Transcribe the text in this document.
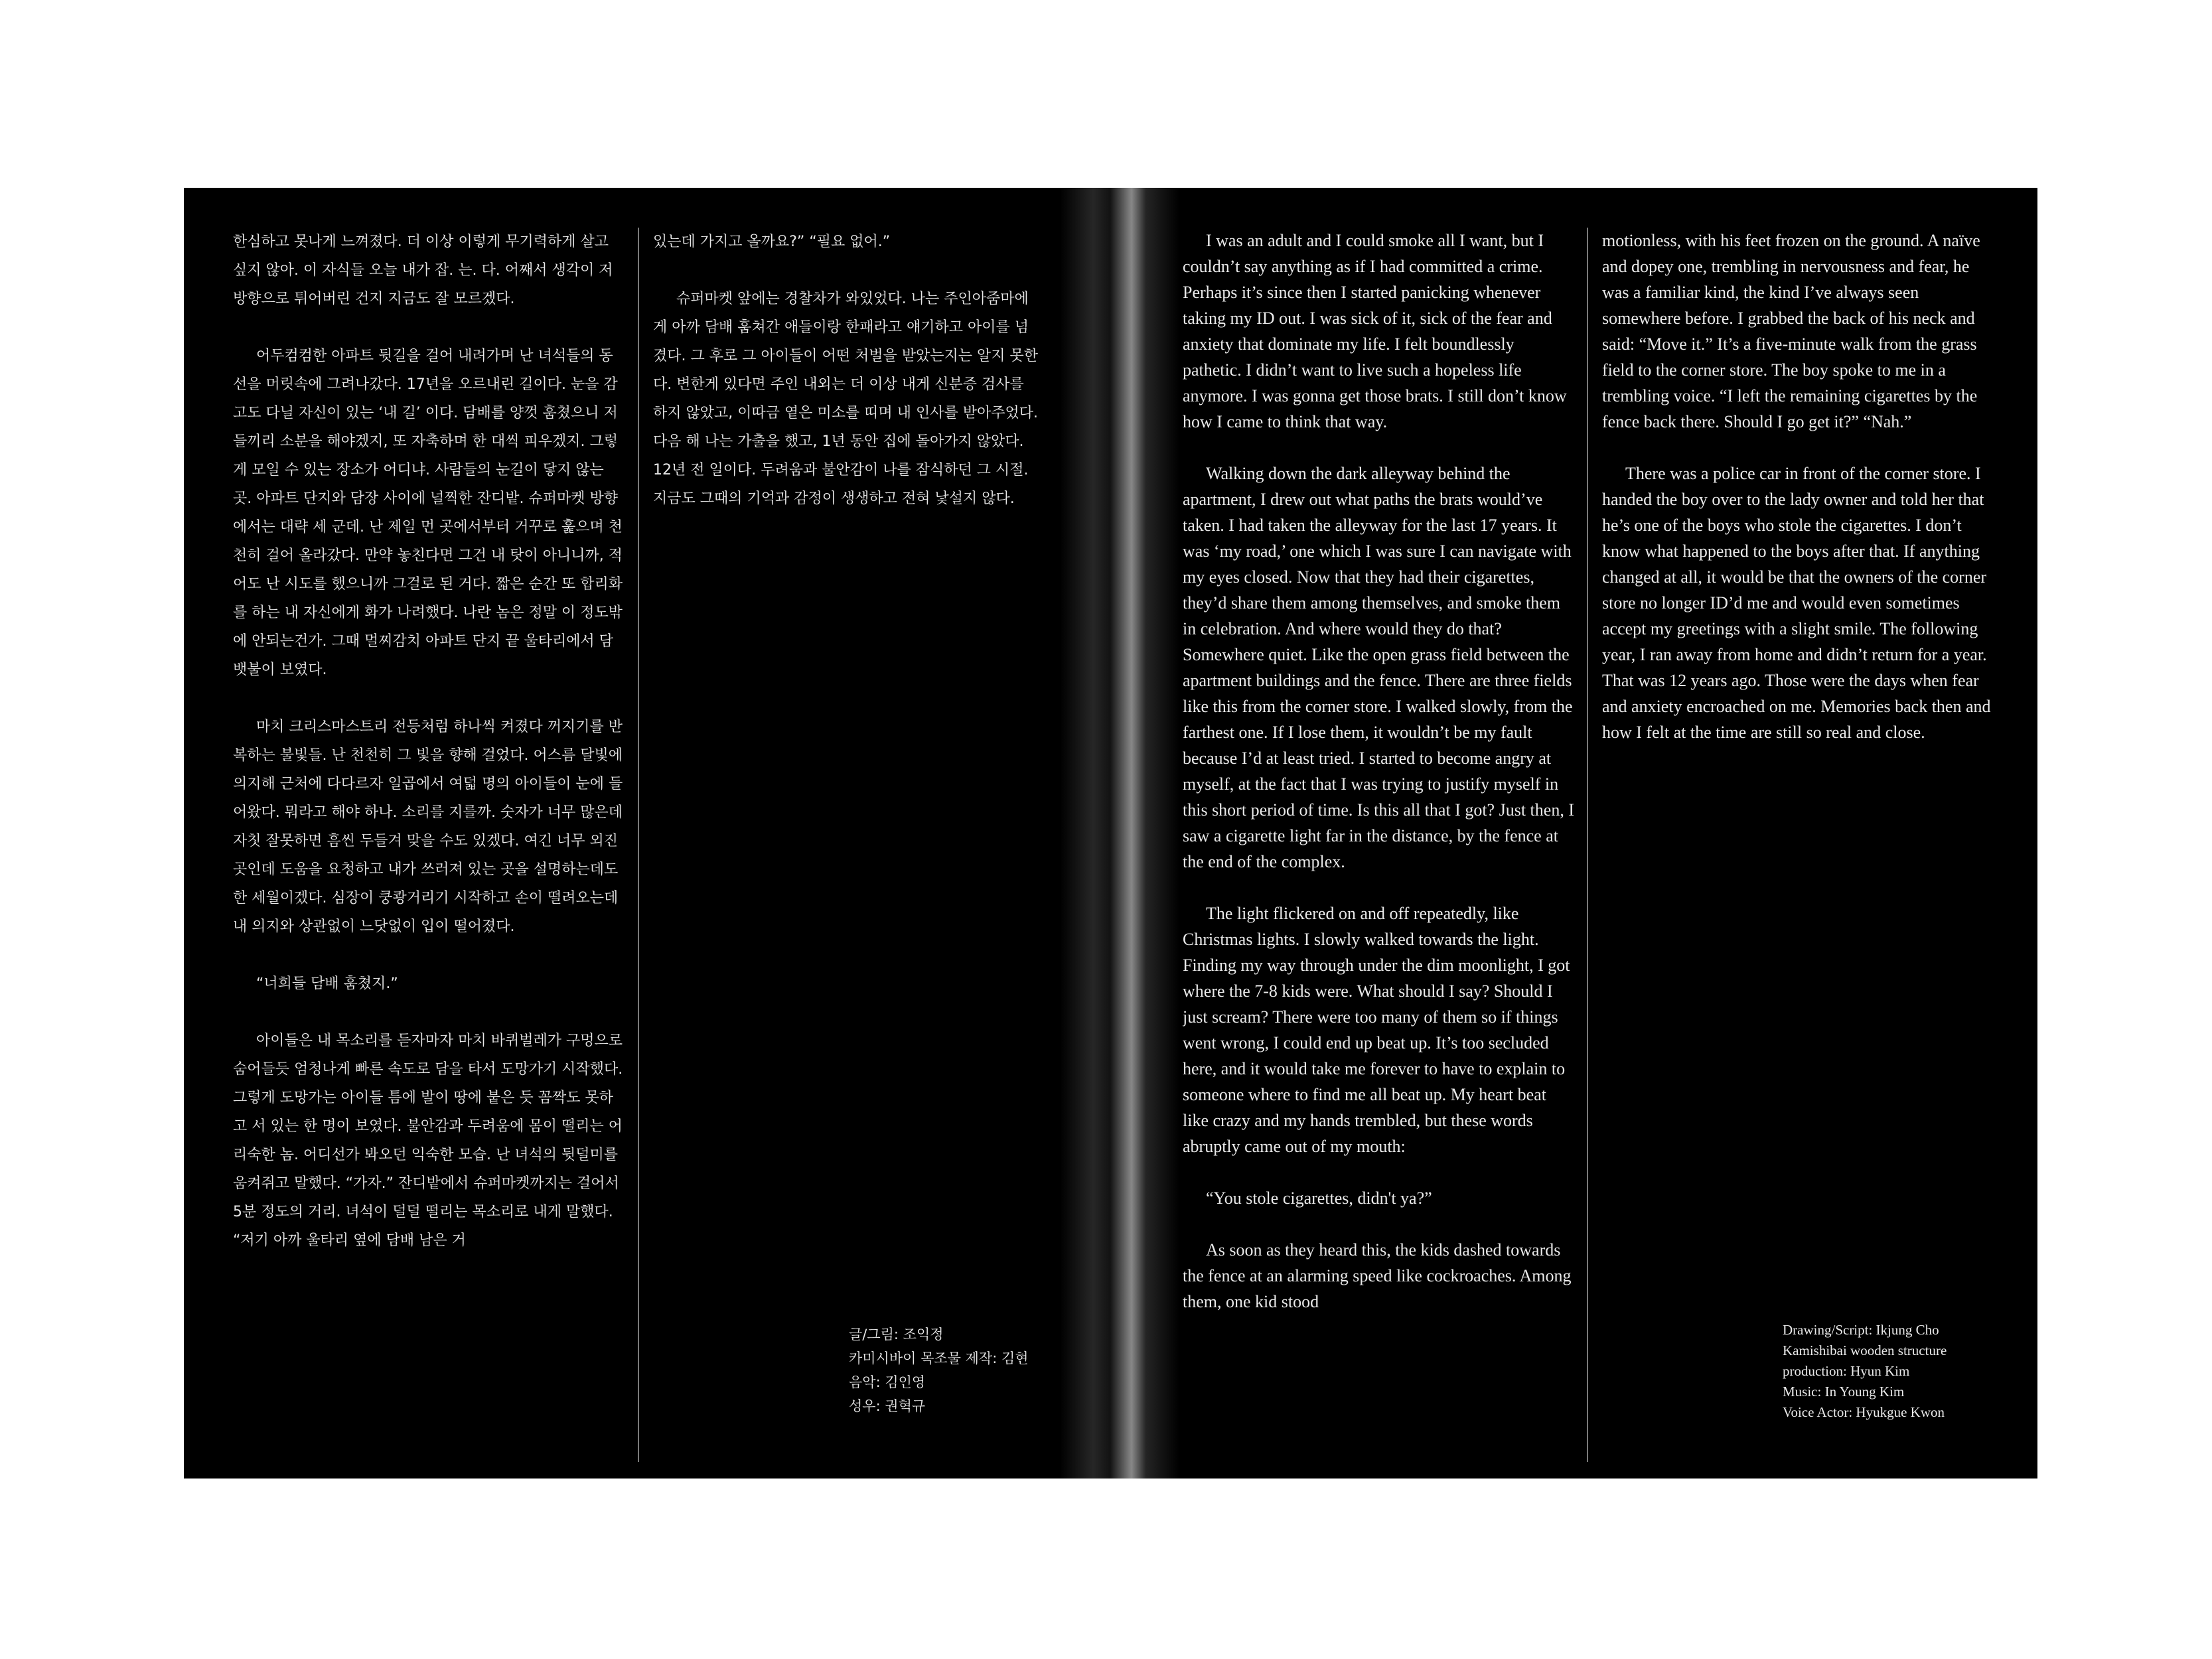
한심하고 못나게 느껴졌다. 더 이상 이렇게 무기력하게 살고 싶지 않아. 이 자식들 오늘 내가 잡. 는. 다. 어째서 생각이 저 방향으로 튀어버린 건지 지금도 잘 모르겠다.

어두컴컴한 아파트 뒷길을 걸어 내려가며 난 녀석들의 동선을 머릿속에 그려나갔다. 17년을 오르내린 길이다. 눈을 감고도 다닐 자신이 있는 ‘내 길’ 이다. 담배를 양껏 훔쳤으니 저들끼리 소분을 해야겠지, 또 자축하며 한 대씩 피우겠지. 그렇게 모일 수 있는 장소가 어디냐. 사람들의 눈길이 닿지 않는 곳. 아파트 단지와 담장 사이에 널찍한 잔디밭. 슈퍼마켓 방향에서는 대략 세 군데. 난 제일 먼 곳에서부터 거꾸로 훑으며 천천히 걸어 올라갔다. 만약 놓친다면 그건 내 탓이 아니니까, 적어도 난 시도를 했으니까 그걸로 된 거다. 짧은 순간 또 합리화를 하는 내 자신에게 화가 나려했다. 나란 놈은 정말 이 정도밖에 안되는건가. 그때 멀찌감치 아파트 단지 끝 울타리에서 담뱃불이 보였다.

마치 크리스마스트리 전등처럼 하나씩 켜졌다 꺼지기를 반복하는 불빛들. 난 천천히 그 빛을 향해 걸었다. 어스름 달빛에 의지해 근처에 다다르자 일곱에서 여덟 명의 아이들이 눈에 들어왔다. 뭐라고 해야 하나. 소리를 지를까. 숫자가 너무 많은데 자칫 잘못하면 흠씬 두들겨 맞을 수도 있겠다. 여긴 너무 외진 곳인데 도움을 요청하고 내가 쓰러져 있는 곳을 설명하는데도 한 세월이겠다. 심장이 쿵쾅거리기 시작하고 손이 떨려오는데 내 의지와 상관없이 느닷없이 입이 떨어졌다.

“너희들 담배 훔쳤지.”

아이들은 내 목소리를 듣자마자 마치 바퀴벌레가 구멍으로 숨어들듯 엄청나게 빠른 속도로 담을 타서 도망가기 시작했다. 그렇게 도망가는 아이들 틈에 발이 땅에 붙은 듯 꼼짝도 못하고 서 있는 한 명이 보였다. 불안감과 두려움에 몸이 떨리는 어리숙한 놈. 어디선가 봐오던 익숙한 모습. 난 녀석의 뒷덜미를 움켜쥐고 말했다. “가자.” 잔디밭에서 슈퍼마켓까지는 걸어서 5분 정도의 거리. 녀석이 덜덜 떨리는 목소리로 내게 말했다. “저기 아까 울타리 옆에 담배 남은 거

있는데 가지고 올까요?” “필요 없어.”

슈퍼마켓 앞에는 경찰차가 와있었다. 나는 주인아줌마에게 아까 담배 훔쳐간 애들이랑 한패라고 얘기하고 아이를 넘겼다. 그 후로 그 아이들이 어떤 처벌을 받았는지는 알지 못한다. 변한게 있다면 주인 내외는 더 이상 내게 신분증 검사를 하지 않았고, 이따금 옅은 미소를 띠며 내 인사를 받아주었다. 다음 해 나는 가출을 했고, 1년 동안 집에 돌아가지 않았다. 12년 전 일이다. 두려움과 불안감이 나를 잠식하던 그 시절. 지금도 그때의 기억과 감정이 생생하고 전혀 낯설지 않다.

글/그림: 조익정
카미시바이 목조물 제작: 김현
음악: 김인영
성우: 권혁규

I was an adult and I could smoke all I want, but I couldn’t say anything as if I had committed a crime. Perhaps it’s since then I started panicking whenever taking my ID out. I was sick of it, sick of the fear and anxiety that dominate my life. I felt boundlessly pathetic. I didn’t want to live such a hopeless life anymore. I was gonna get those brats. I still don’t know how I came to think that way.

Walking down the dark alleyway behind the apartment, I drew out what paths the brats would’ve taken. I had taken the alleyway for the last 17 years. It was ‘my road,’ one which I was sure I can navigate with my eyes closed. Now that they had their cigarettes, they’d share them among themselves, and smoke them in celebration. And where would they do that? Somewhere quiet. Like the open grass field between the apartment buildings and the fence. There are three fields like this from the corner store. I walked slowly, from the farthest one. If I lose them, it wouldn’t be my fault because I’d at least tried. I started to become angry at myself, at the fact that I was trying to justify myself in this short period of time. Is this all that I got? Just then, I saw a cigarette light far in the distance, by the fence at the end of the complex.

The light flickered on and off repeatedly, like Christmas lights. I slowly walked towards the light. Finding my way through under the dim moonlight, I got where the 7-8 kids were. What should I say? Should I just scream? There were too many of them so if things went wrong, I could end up beat up. It’s too secluded here, and it would take me forever to have to explain to someone where to find me all beat up. My heart beat like crazy and my hands trembled, but these words abruptly came out of my mouth:

“You stole cigarettes, didn't ya?”

As soon as they heard this, the kids dashed towards the fence at an alarming speed like cockroaches. Among them, one kid stood

motionless, with his feet frozen on the ground. A naïve and dopey one, trembling in nervousness and fear, he was a familiar kind, the kind I’ve always seen somewhere before. I grabbed the back of his neck and said: “Move it.” It’s a five-minute walk from the grass field to the corner store. The boy spoke to me in a trembling voice. “I left the remaining cigarettes by the fence back there. Should I go get it?” “Nah.”

There was a police car in front of the corner store. I handed the boy over to the lady owner and told her that he’s one of the boys who stole the cigarettes. I don’t know what happened to the boys after that. If anything changed at all, it would be that the owners of the corner store no longer ID’d me and would even sometimes accept my greetings with a slight smile. The following year, I ran away from home and didn’t return for a year. That was 12 years ago. Those were the days when fear and anxiety encroached on me. Memories back then and how I felt at the time are still so real and close.

Drawing/Script: Ikjung Cho
Kamishibai wooden structure
production: Hyun Kim
Music: In Young Kim
Voice Actor: Hyukgue Kwon
